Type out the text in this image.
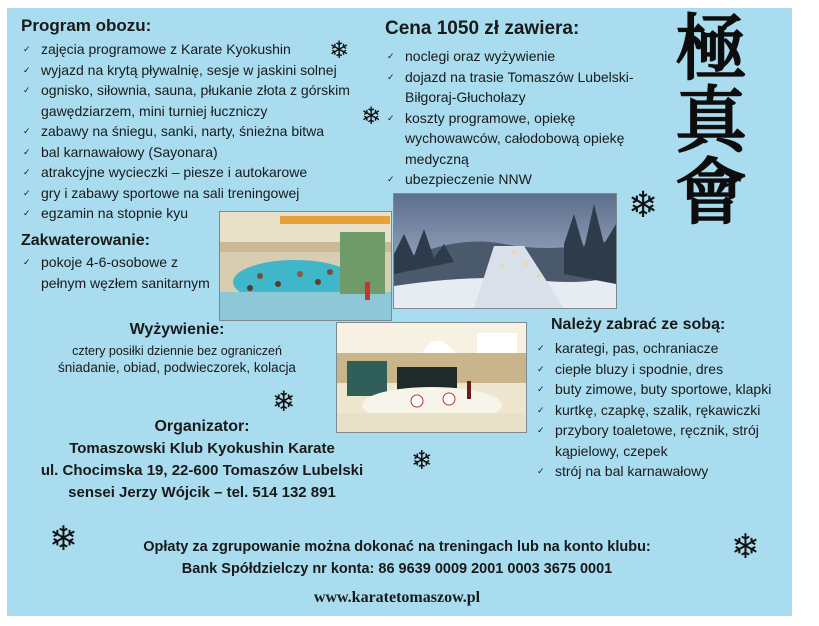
Program obozu:
✓ zajęcia programowe z Karate Kyokushin
✓ wyjazd na krytą pływalnię, sesje w jaskini solnej
✓ ognisko, siłownia, sauna, płukanie złota z górskim gawędziarzem, mini turniej łuczniczy
✓ zabawy na śniegu, sanki, narty, śnieżna bitwa
✓ bal karnawałowy (Sayonara)
✓ atrakcyjne wycieczki – piesze i autokarowe
✓ gry i zabawy sportowe na sali treningowej
✓ egzamin na stopnie kyu
Cena 1050 zł zawiera:
✓ noclegi oraz wyżywienie
✓ dojazd na trasie Tomaszów Lubelski-Biłgoraj-Głuchołazy
✓ koszty programowe, opiekę wychowawców, całodobową opiekę medyczną
✓ ubezpieczenie NNW	極真會
Zakwaterowanie:
✓ pokoje 4-6-osobowe z pełnym węzłem sanitarnym
Wyżywienie:
cztery posiłki dziennie bez ograniczeń
śniadanie, obiad, podwieczorek, kolacja
Należy zabrać ze sobą:
✓ karategi, pas, ochraniacze
✓ ciepłe bluzy i spodnie, dres
✓ buty zimowe, buty sportowe, klapki
✓ kurtkę, czapkę, szalik, rękawiczki
✓ przybory toaletowe, ręcznik, strój kąpielowy, czepek
✓ strój na bal karnawałowy
Organizator:
Tomaszowski Klub Kyokushin Karate
ul. Chocimska 19, 22-600 Tomaszów Lubelski
sensei Jerzy Wójcik – tel. 514 132 891
Opłaty za zgrupowanie można dokonać na treningach lub na konto klubu:
Bank Spółdzielczy nr konta: 86 9639 0009 2001 0003 3675 0001
www.karatetomaszow.pl
❄
❄
❄
❄
❄
❄	❄
